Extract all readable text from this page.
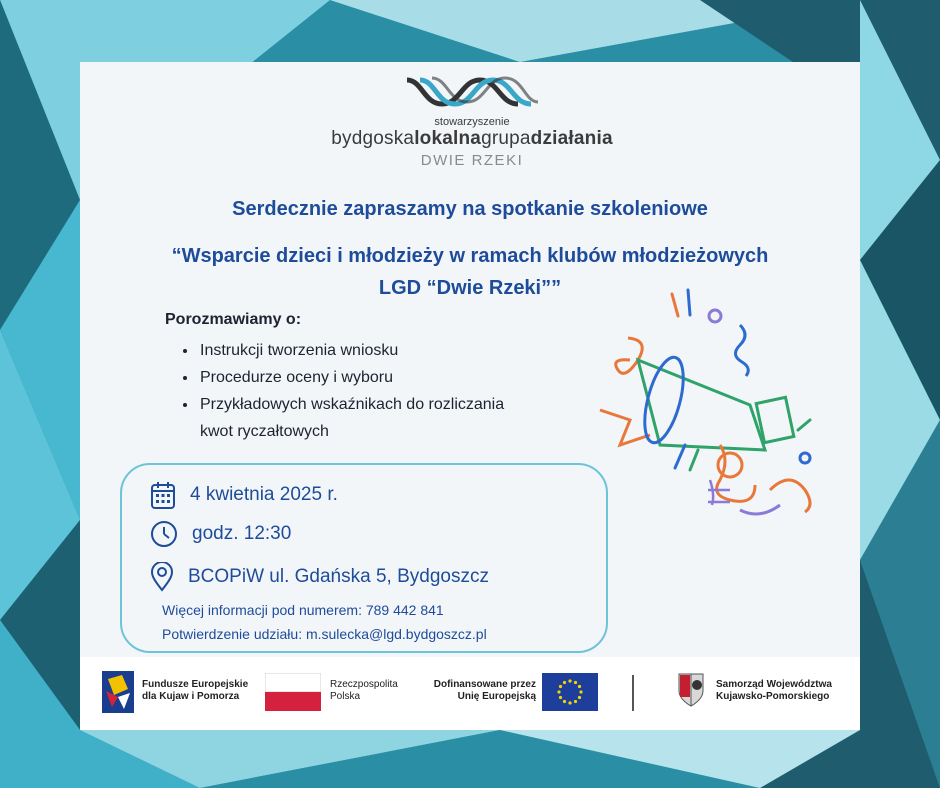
stowarzyszenie
bydgoskalokalnagrupadziałania
DWIE RZEKI
Serdecznie zapraszamy na spotkanie szkoleniowe
“Wsparcie dzieci i młodzieży w ramach klubów młodzieżowych
LGD “Dwie Rzeki””
Porozmawiamy o:
• Instrukcji tworzenia wniosku
• Procedurze oceny i wyboru
• Przykładowych wskaźnikach do rozliczania kwot ryczałtowych
4 kwietnia 2025 r.
godz. 12:30
BCOPiW ul. Gdańska 5, Bydgoszcz
Więcej informacji pod numerem: 789 442 841
Potwierdzenie udziału: m.sulecka@lgd.bydgoszcz.pl
Fundusze Europejskie
dla Kujaw i Pomorza
Rzeczpospolita
Polska
Dofinansowane przez
Unię Europejską
Samorząd Województwa
Kujawsko-Pomorskiego
